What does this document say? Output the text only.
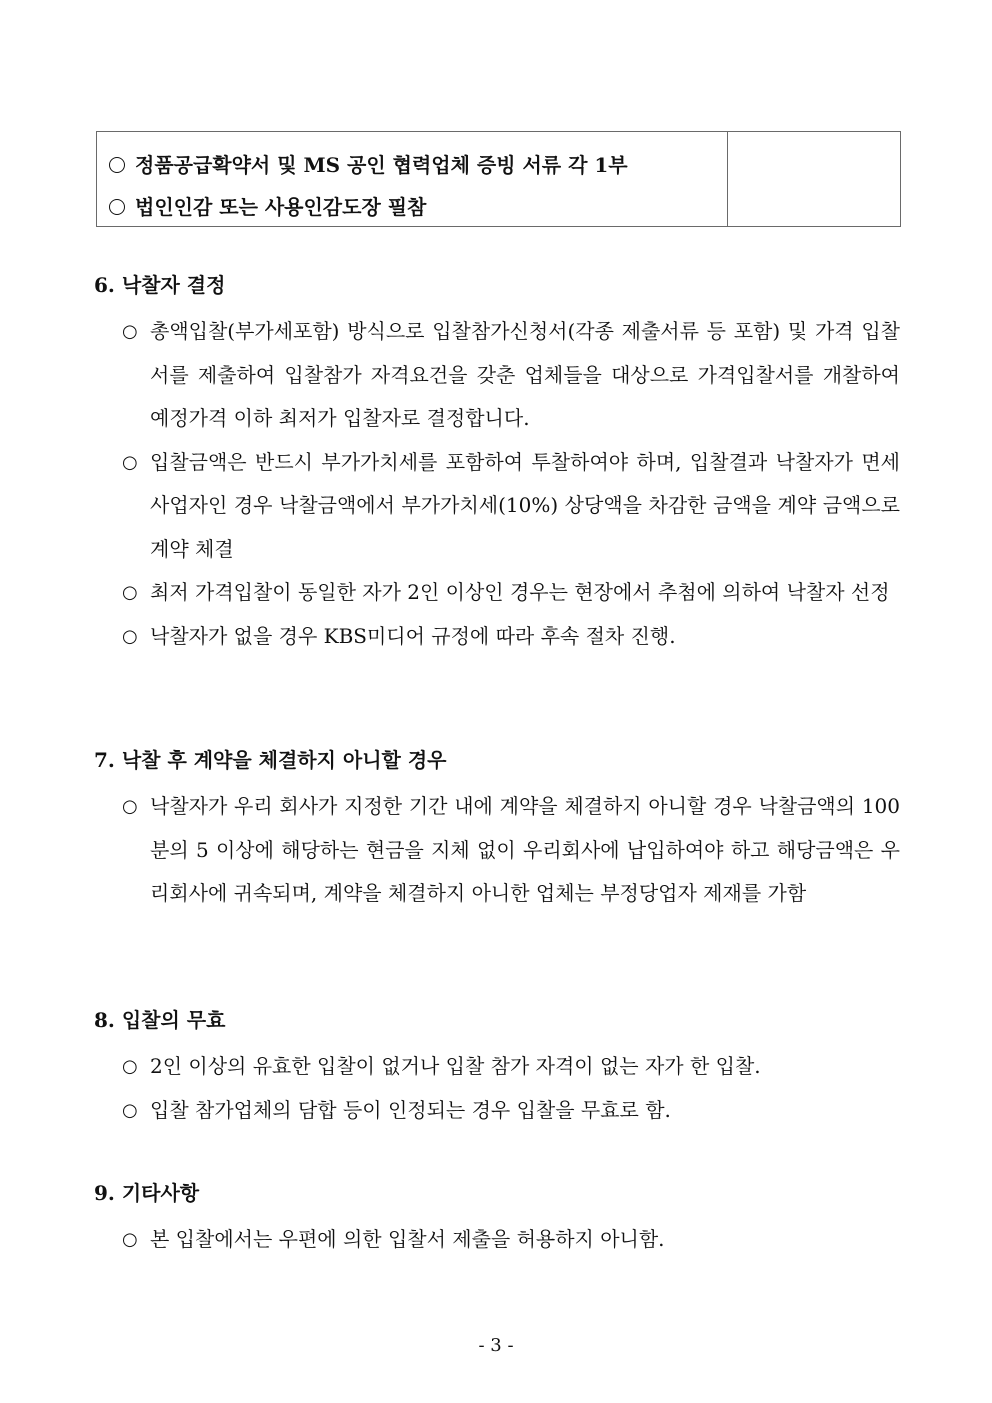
정품공급확약서 및 MS 공인 협력업체 증빙 서류 각 1부
법인인감 또는 사용인감도장 필참
6. 낙찰자 결정
○ 총액입찰(부가세포함) 방식으로 입찰참가신청서(각종 제출서류 등 포함) 및 가격 입찰서를 제출하여 입찰참가 자격요건을 갖춘 업체들을 대상으로 가격입찰서를 개찰하여 예정가격 이하 최저가 입찰자로 결정합니다.
○ 입찰금액은 반드시 부가가치세를 포함하여 투찰하여야 하며, 입찰결과 낙찰자가 면세사업자인 경우 낙찰금액에서 부가가치세(10%) 상당액을 차감한 금액을 계약 금액으로 계약 체결
○ 최저 가격입찰이 동일한 자가 2인 이상인 경우는 현장에서 추첨에 의하여 낙찰자 선정
○ 낙찰자가 없을 경우 KBS미디어 규정에 따라 후속 절차 진행.
7. 낙찰 후 계약을 체결하지 아니할 경우
○ 낙찰자가 우리 회사가 지정한 기간 내에 계약을 체결하지 아니할 경우 낙찰금액의 100분의 5 이상에 해당하는 현금을 지체 없이 우리회사에 납입하여야 하고 해당금액은 우리회사에 귀속되며, 계약을 체결하지 아니한 업체는 부정당업자 제재를 가함
8. 입찰의 무효
○ 2인 이상의 유효한 입찰이 없거나 입찰 참가 자격이 없는 자가 한 입찰.
○ 입찰 참가업체의 담합 등이 인정되는 경우 입찰을 무효로 함.
9. 기타사항
○ 본 입찰에서는 우편에 의한 입찰서 제출을 허용하지 아니함.
- 3 -
